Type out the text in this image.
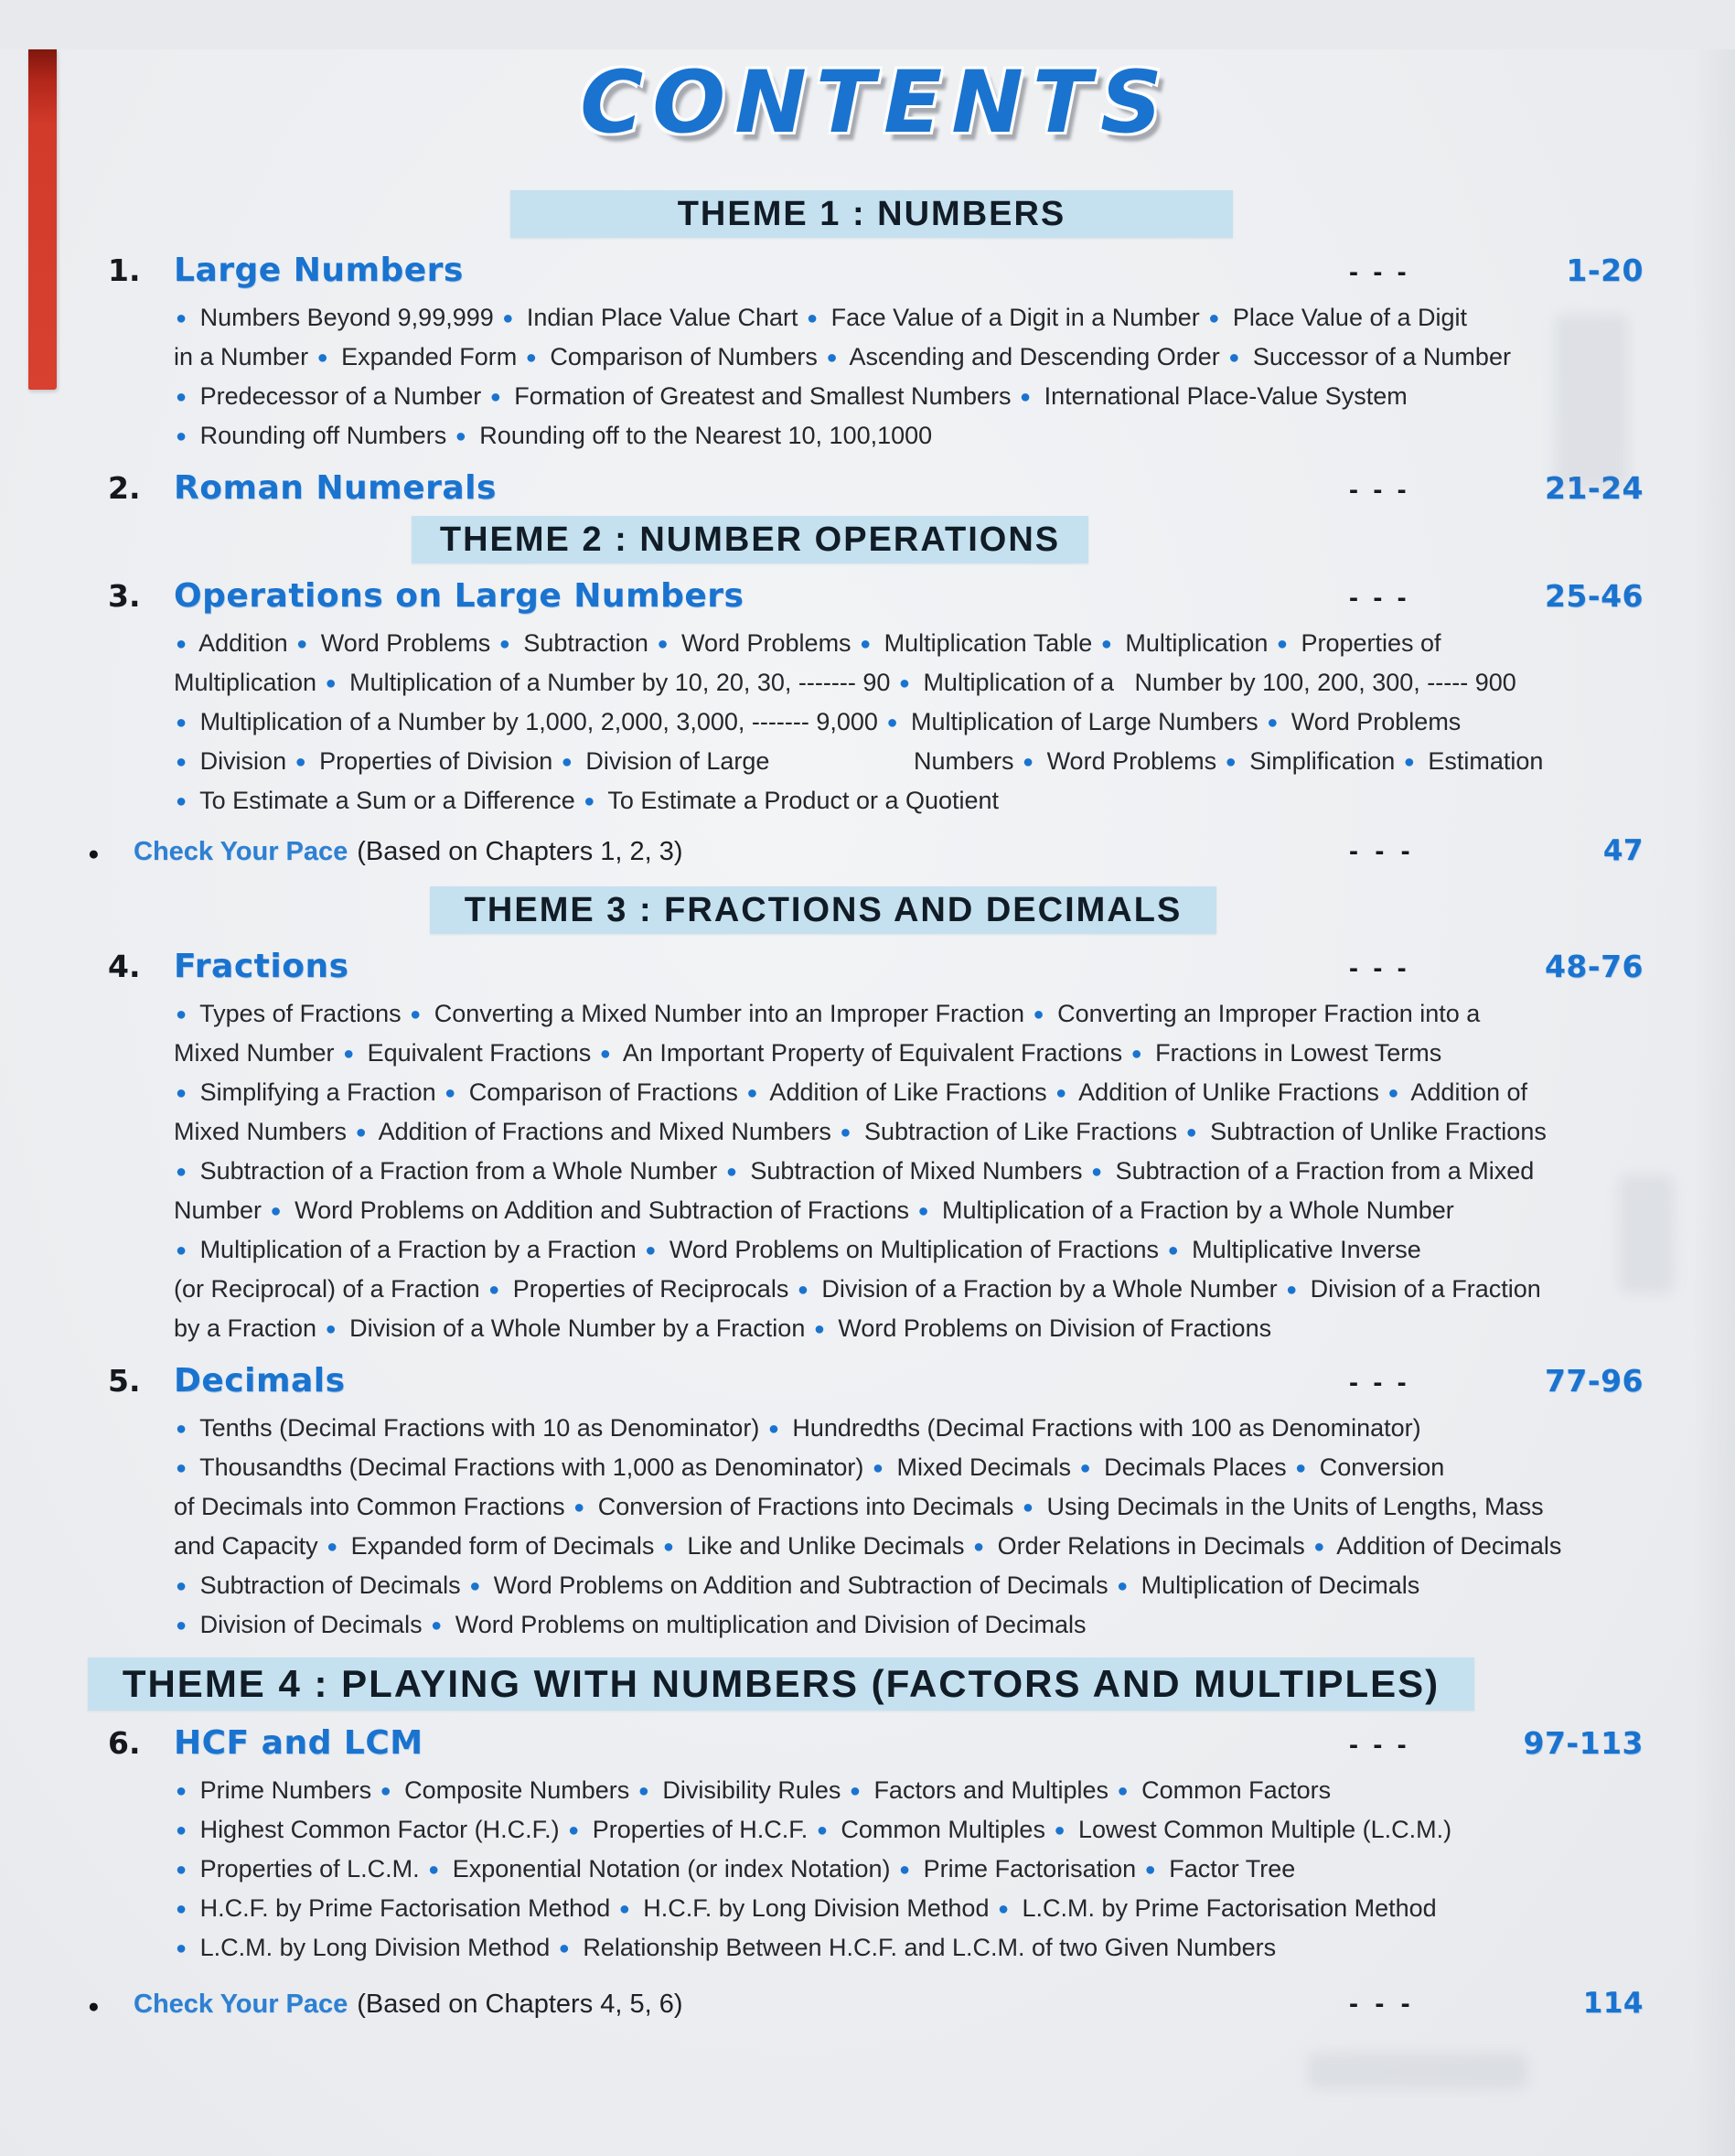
CONTENTS
THEME 1 : NUMBERS
1.	Large Numbers	- - -	1-20
● Numbers Beyond 9,99,999 ● Indian Place Value Chart ● Face Value of a Digit in a Number ● Place Value of a Digit
in a Number ● Expanded Form ● Comparison of Numbers ● Ascending and Descending Order ● Successor of a Number
● Predecessor of a Number ● Formation of Greatest and Smallest Numbers ● International Place-Value System
● Rounding off Numbers ● Rounding off to the Nearest 10, 100,1000
2.	Roman Numerals	- - -	21-24
THEME 2 : NUMBER OPERATIONS
3.	Operations on Large Numbers	- - -	25-46
● Addition ● Word Problems ● Subtraction ● Word Problems ● Multiplication Table ● Multiplication ● Properties of
Multiplication ● Multiplication of a Number by 10, 20, 30, ------- 90 ● Multiplication of a   Number by 100, 200, 300, ----- 900
● Multiplication of a Number by 1,000, 2,000, 3,000, ------- 9,000 ● Multiplication of Large Numbers ● Word Problems
● Division ● Properties of Division ● Division of Large                     Numbers ● Word Problems ● Simplification ● Estimation
● To Estimate a Sum or a Difference ● To Estimate a Product or a Quotient
●	Check Your Pace (Based on Chapters 1, 2, 3)	- - -	47
THEME 3 : FRACTIONS AND DECIMALS
4.	Fractions	- - -	48-76
● Types of Fractions ● Converting a Mixed Number into an Improper Fraction ● Converting an Improper Fraction into a
Mixed Number ● Equivalent Fractions ● An Important Property of Equivalent Fractions ● Fractions in Lowest Terms
● Simplifying a Fraction ● Comparison of Fractions ● Addition of Like Fractions ● Addition of Unlike Fractions ● Addition of
Mixed Numbers ● Addition of Fractions and Mixed Numbers ● Subtraction of Like Fractions ● Subtraction of Unlike Fractions
● Subtraction of a Fraction from a Whole Number ● Subtraction of Mixed Numbers ● Subtraction of a Fraction from a Mixed
Number ● Word Problems on Addition and Subtraction of Fractions ● Multiplication of a Fraction by a Whole Number
● Multiplication of a Fraction by a Fraction ● Word Problems on Multiplication of Fractions ● Multiplicative Inverse
(or Reciprocal) of a Fraction ● Properties of Reciprocals ● Division of a Fraction by a Whole Number ● Division of a Fraction
by a Fraction ● Division of a Whole Number by a Fraction ● Word Problems on Division of Fractions
5.	Decimals	- - -	77-96
● Tenths (Decimal Fractions with 10 as Denominator) ● Hundredths (Decimal Fractions with 100 as Denominator)
● Thousandths (Decimal Fractions with 1,000 as Denominator) ● Mixed Decimals ● Decimals Places ● Conversion
of Decimals into Common Fractions ● Conversion of Fractions into Decimals ● Using Decimals in the Units of Lengths, Mass
and Capacity ● Expanded form of Decimals ● Like and Unlike Decimals ● Order Relations in Decimals ● Addition of Decimals
● Subtraction of Decimals ● Word Problems on Addition and Subtraction of Decimals ● Multiplication of Decimals
● Division of Decimals ● Word Problems on multiplication and Division of Decimals
THEME 4 : PLAYING WITH NUMBERS (FACTORS AND MULTIPLES)
6.	HCF and LCM	- - -	97-113
● Prime Numbers ● Composite Numbers ● Divisibility Rules ● Factors and Multiples ● Common Factors
● Highest Common Factor (H.C.F.) ● Properties of H.C.F. ● Common Multiples ● Lowest Common Multiple (L.C.M.)
● Properties of L.C.M. ● Exponential Notation (or index Notation) ● Prime Factorisation ● Factor Tree
● H.C.F. by Prime Factorisation Method ● H.C.F. by Long Division Method ● L.C.M. by Prime Factorisation Method
● L.C.M. by Long Division Method ● Relationship Between H.C.F. and L.C.M. of two Given Numbers
●	Check Your Pace (Based on Chapters 4, 5, 6)	- - -	114
